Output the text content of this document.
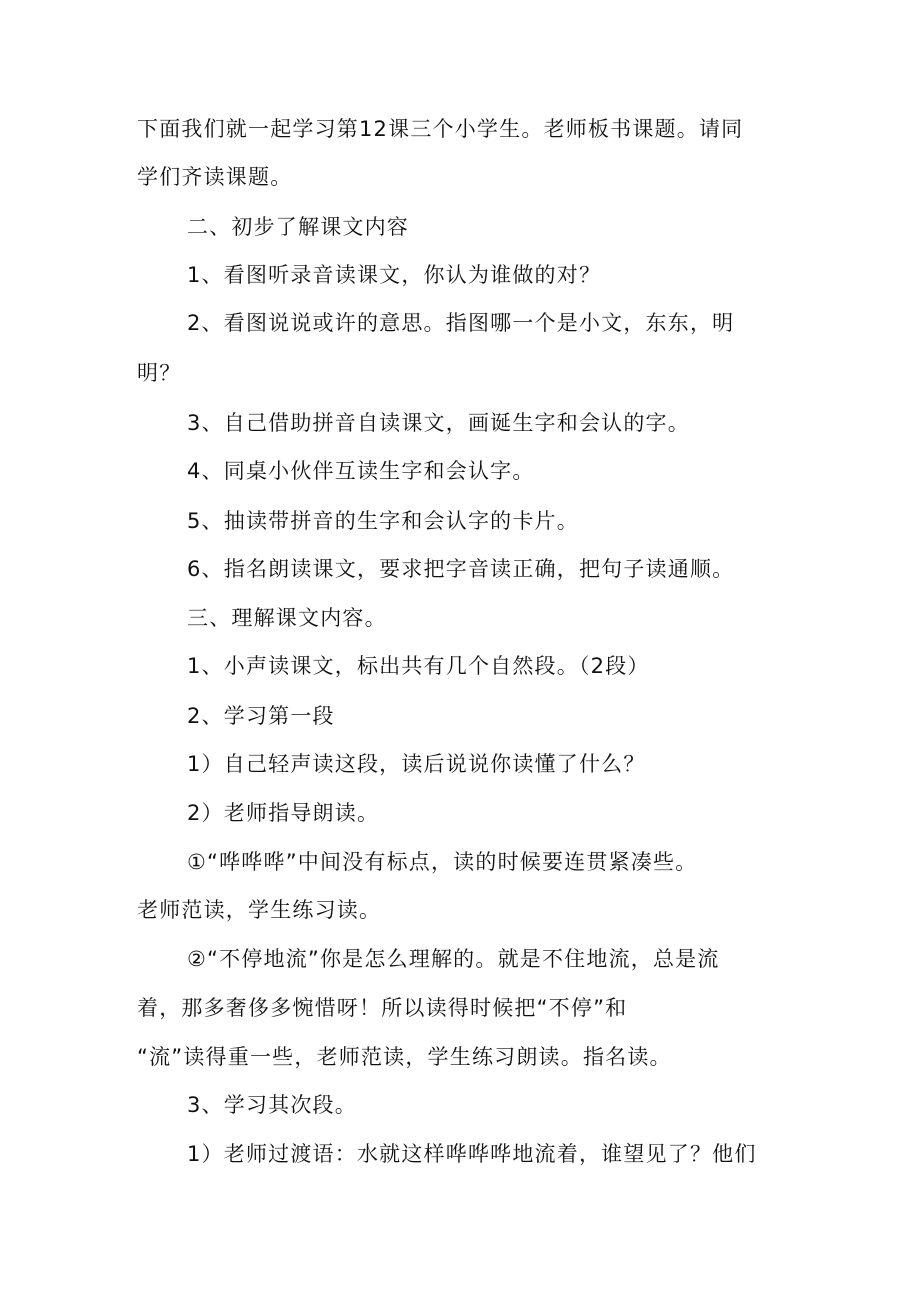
下面我们就一起学习第12课三个小学生。老师板书课题。请同

学们齐读课题。

二、初步了解课文内容

1、看图听录音读课文，你认为谁做的对？

2、看图说说或许的意思。指图哪一个是小文，东东，明

明？

3、自己借助拼音自读课文，画诞生字和会认的字。

4、同桌小伙伴互读生字和会认字。

5、抽读带拼音的生字和会认字的卡片。

6、指名朗读课文，要求把字音读正确，把句子读通顺。

三、理解课文内容。

1、小声读课文，标出共有几个自然段。（2段）

2、学习第一段

1）自己轻声读这段，读后说说你读懂了什么？

2）老师指导朗读。

①“哗哗哗”中间没有标点，读的时候要连贯紧凑些。

老师范读，学生练习读。

②“不停地流”你是怎么理解的。就是不住地流，总是流

着，那多奢侈多惋惜呀！所以读得时候把“不停”和

“流”读得重一些，老师范读，学生练习朗读。指名读。

3、学习其次段。

1）老师过渡语：水就这样哗哗哗地流着，谁望见了？他们
